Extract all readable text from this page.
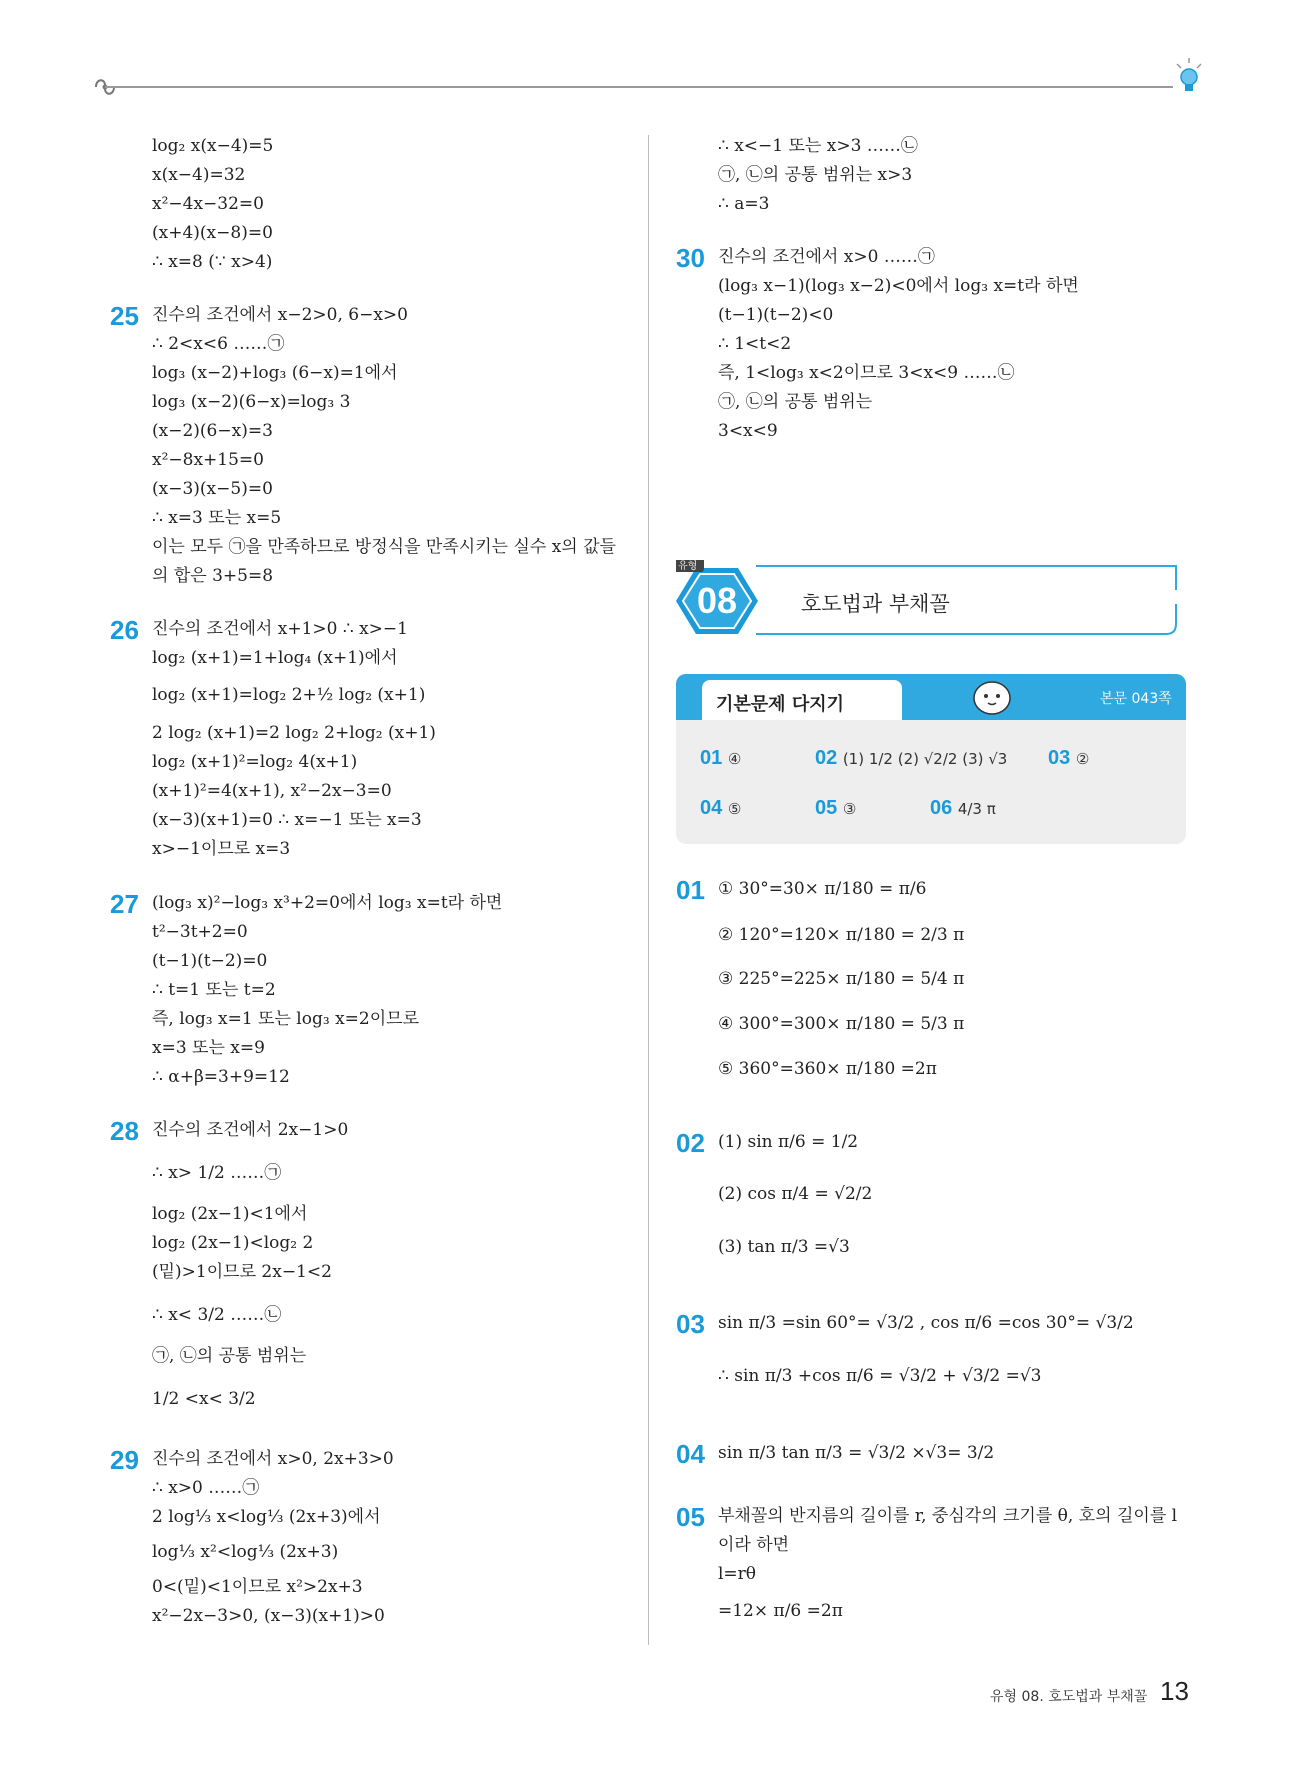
log₂ x(x−4)=5
x(x−4)=32
x²−4x−32=0
(x+4)(x−8)=0
∴ x=8 (∵ x>4)
25 진수의 조건에서 x−2>0, 6−x>0
∴ 2<x<6 ……㉠
log₃ (x−2)+log₃ (6−x)=1에서
log₃ (x−2)(6−x)=log₃ 3
(x−2)(6−x)=3
x²−8x+15=0
(x−3)(x−5)=0
∴ x=3 또는 x=5
이는 모두 ㉠을 만족하므로 방정식을 만족시키는 실수 x의 값들
의 합은 3+5=8
26 진수의 조건에서 x+1>0 ∴ x>−1
log₂ (x+1)=1+log₄ (x+1)에서
log₂ (x+1)=log₂ 2+½ log₂ (x+1)
2 log₂ (x+1)=2 log₂ 2+log₂ (x+1)
log₂ (x+1)²=log₂ 4(x+1)
(x+1)²=4(x+1), x²−2x−3=0
(x−3)(x+1)=0 ∴ x=−1 또는 x=3
x>−1이므로 x=3
27 (log₃ x)²−log₃ x³+2=0에서 log₃ x=t라 하면
t²−3t+2=0
(t−1)(t−2)=0
∴ t=1 또는 t=2
즉, log₃ x=1 또는 log₃ x=2이므로
x=3 또는 x=9
∴ α+β=3+9=12
28 진수의 조건에서 2x−1>0
∴ x> 1/2 ……㉠
log₂ (2x−1)<1에서
log₂ (2x−1)<log₂ 2
(밑)>1이므로 2x−1<2
∴ x< 3/2 ……㉡
㉠, ㉡의 공통 범위는
1/2 <x< 3/2
29 진수의 조건에서 x>0, 2x+3>0
∴ x>0 ……㉠
2 log⅓ x<log⅓ (2x+3)에서
log⅓ x²<log⅓ (2x+3)
0<(밑)<1이므로 x²>2x+3
x²−2x−3>0, (x−3)(x+1)>0
∴ x<−1 또는 x>3 ……㉡
㉠, ㉡의 공통 범위는 x>3
∴ a=3
30 진수의 조건에서 x>0 ……㉠
(log₃ x−1)(log₃ x−2)<0에서 log₃ x=t라 하면
(t−1)(t−2)<0
∴ 1<t<2
즉, 1<log₃ x<2이므로 3<x<9 ……㉡
㉠, ㉡의 공통 범위는
3<x<9
유형
08	호도법과 부채꼴
기본문제 다지기	본문 043쪽
01 ④	02 (1) 1/2 (2) √2/2 (3) √3 03 ②
04 ⑤	05 ③	06 4/3 π
01 ① 30°=30× π/180 = π/6
② 120°=120× π/180 = 2/3 π
③ 225°=225× π/180 = 5/4 π
④ 300°=300× π/180 = 5/3 π
⑤ 360°=360× π/180 =2π
02 (1) sin π/6 = 1/2
(2) cos π/4 = √2/2
(3) tan π/3 =√3
03 sin π/3 =sin 60°= √3/2 , cos π/6 =cos 30°= √3/2
∴ sin π/3 +cos π/6 = √3/2 + √3/2 =√3
04 sin π/3 tan π/3 = √3/2 ×√3= 3/2
05 부채꼴의 반지름의 길이를 r, 중심각의 크기를 θ, 호의 길이를 l
이라 하면
l=rθ
=12× π/6 =2π
유형 08. 호도법과 부채꼴 13
